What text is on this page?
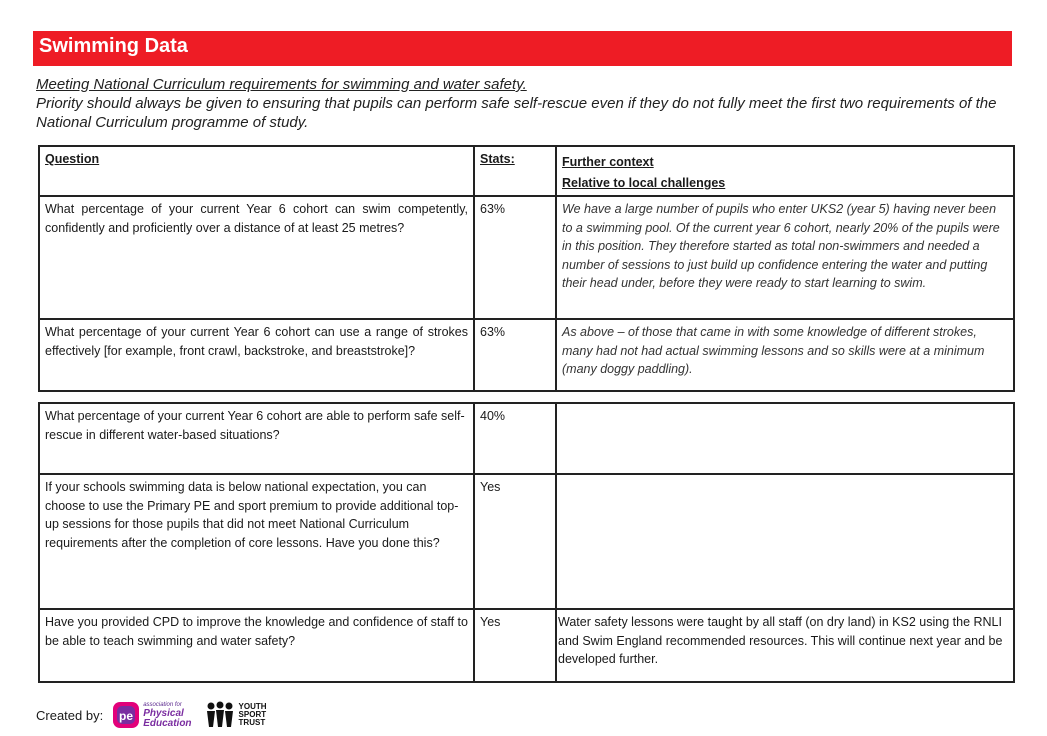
Swimming Data
Meeting National Curriculum requirements for swimming and water safety.
Priority should always be given to ensuring that pupils can perform safe self-rescue even if they do not fully meet the first two requirements of the National Curriculum programme of study.
Question	Stats:	Further context
Relative to local challenges

What percentage of your current Year 6 cohort can swim competently, confidently and proficiently over a distance of at least 25 metres?	63%	We have a large number of pupils who enter UKS2 (year 5) having never been to a swimming pool. Of the current year 6 cohort, nearly 20% of the pupils were in this position. They therefore started as total non-swimmers and needed a number of sessions to just build up confidence entering the water and putting their head under, before they were ready to start learning to swim.
What percentage of your current Year 6 cohort can use a range of strokes effectively [for example, front crawl, backstroke, and breaststroke]?	63%	As above – of those that came in with some knowledge of different strokes, many had not had actual swimming lessons and so skills were at a minimum (many doggy paddling).
What percentage of your current Year 6 cohort are able to perform safe self-rescue in different water-based situations?	40%	
If your schools swimming data is below national expectation, you can choose to use the Primary PE and sport premium to provide additional top-up sessions for those pupils that did not meet National Curriculum requirements after the completion of core lessons. Have you done this?	Yes	
Have you provided CPD to improve the knowledge and confidence of staff to be able to teach swimming and water safety?	Yes	Water safety lessons were taught by all staff (on dry land) in KS2 using the RNLI and Swim England recommended resources. This will continue next year and be developed further.
Created by: pe
association for
Physical
Education
YOUTH
SPORT
TRUST
